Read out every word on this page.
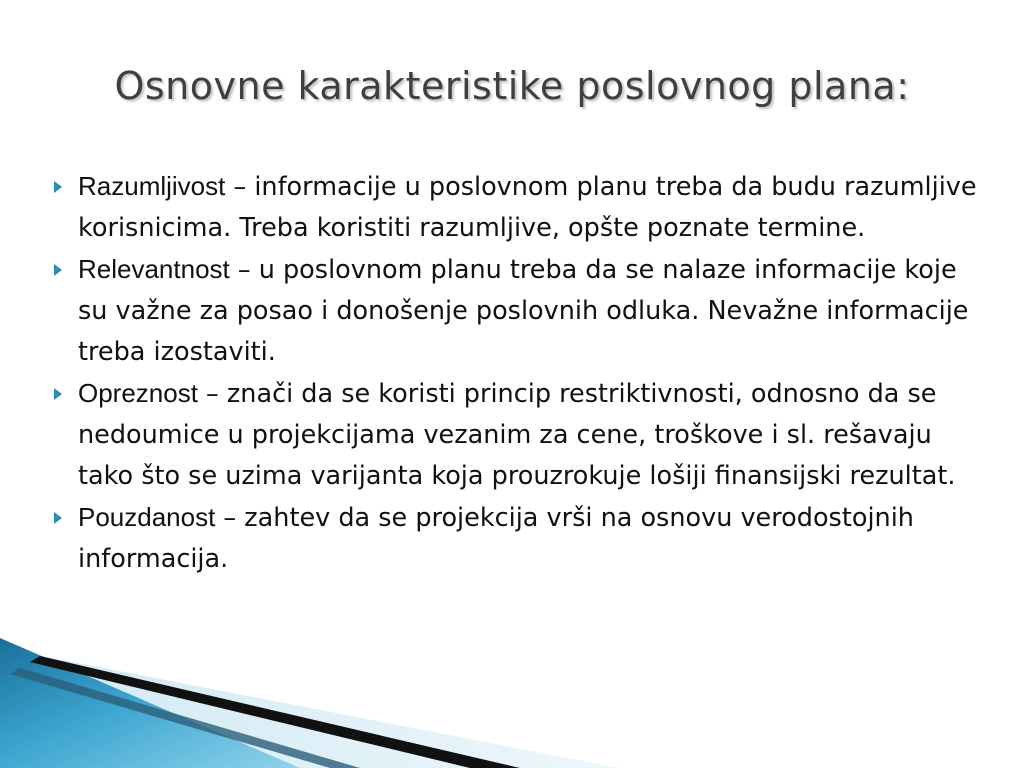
Osnovne karakteristike poslovnog plana:
Razumljivost – informacije u poslovnom planu treba da budu razumljive korisnicima. Treba koristiti razumljive, opšte poznate termine.
Relevantnost – u poslovnom planu treba da se nalaze informacije koje su važne za posao i donošenje poslovnih odluka. Nevažne informacije treba izostaviti.
Opreznost – znači da se koristi princip restriktivnosti, odnosno da se nedoumice u projekcijama vezanim za cene, troškove i sl. rešavaju tako što se uzima varijanta koja prouzrokuje lošiji finansijski rezultat.
Pouzdanost – zahtev da se projekcija vrši na osnovu verodostojnih informacija.
